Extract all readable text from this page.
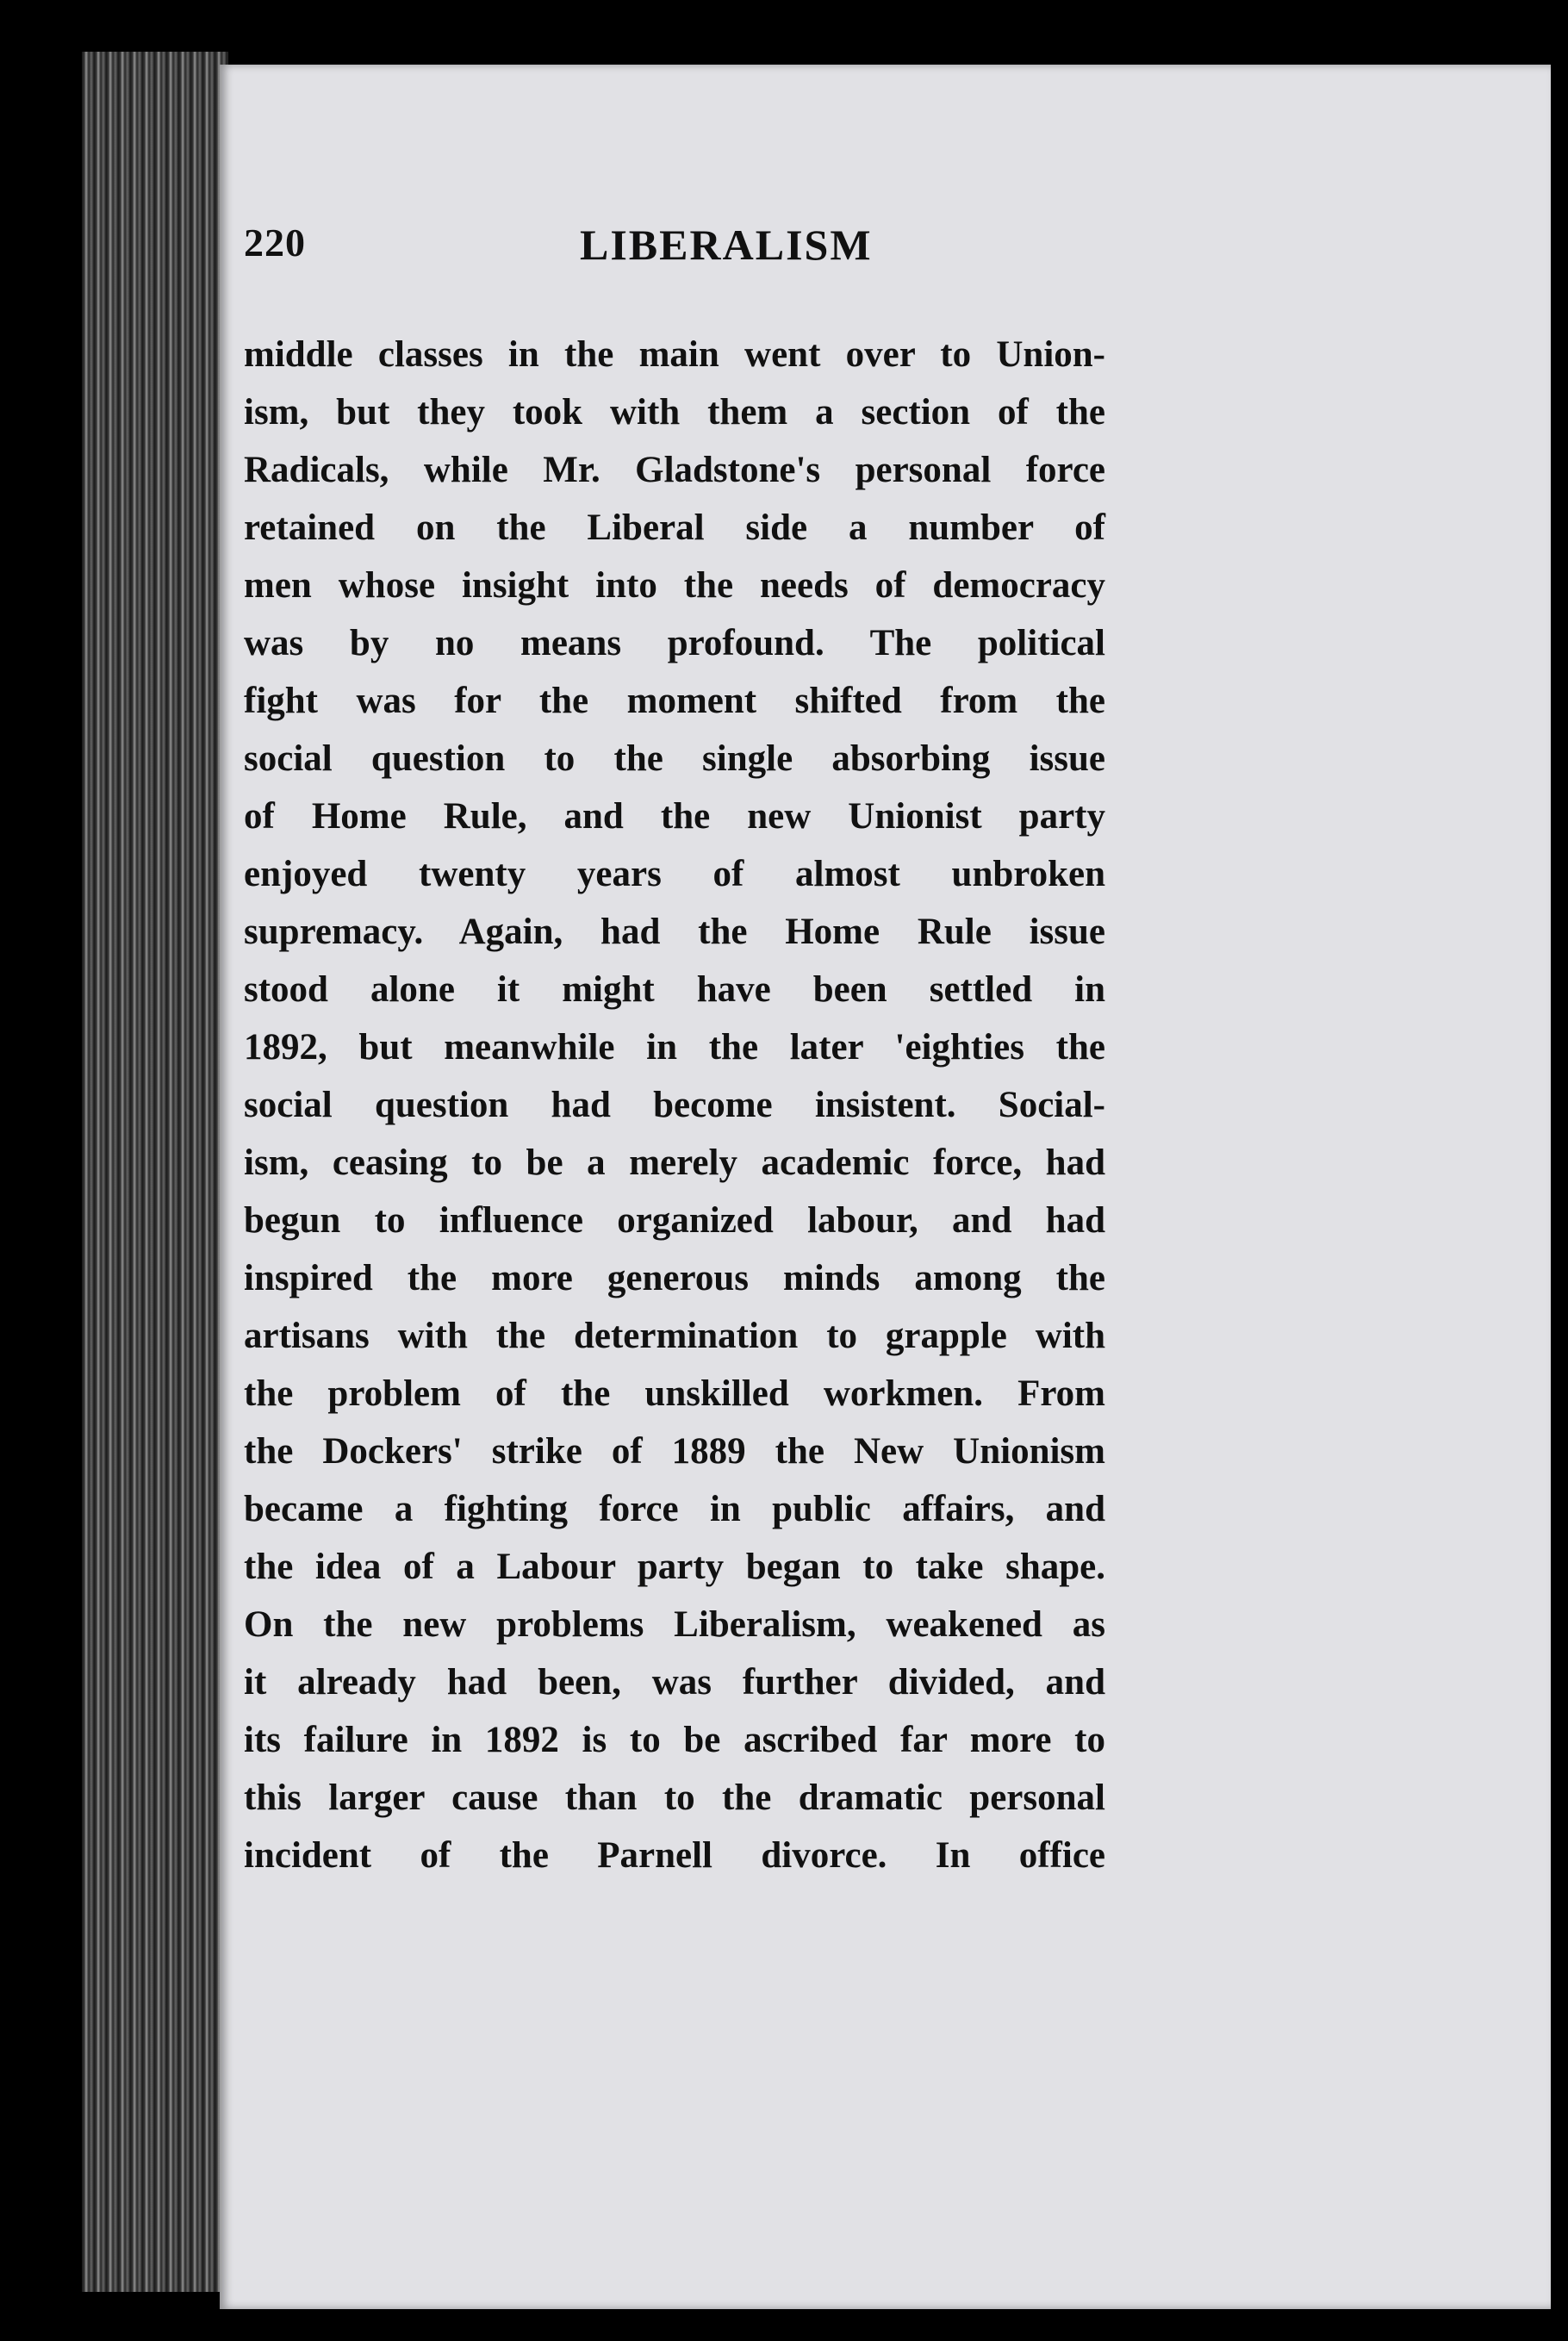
220	LIBERALISM
middle classes in the main went over to Union-
ism, but they took with them a section of the
Radicals, while Mr. Gladstone's personal force
retained on the Liberal side a number of
men whose insight into the needs of democracy
was by no means profound. The political
fight was for the moment shifted from the
social question to the single absorbing issue
of Home Rule, and the new Unionist party
enjoyed twenty years of almost unbroken
supremacy. Again, had the Home Rule issue
stood alone it might have been settled in
1892, but meanwhile in the later 'eighties the
social question had become insistent. Social-
ism, ceasing to be a merely academic force, had
begun to influence organized labour, and had
inspired the more generous minds among the
artisans with the determination to grapple with
the problem of the unskilled workmen. From
the Dockers' strike of 1889 the New Unionism
became a fighting force in public affairs, and
the idea of a Labour party began to take shape.
On the new problems Liberalism, weakened as
it already had been, was further divided, and
its failure in 1892 is to be ascribed far more to
this larger cause than to the dramatic personal
incident of the Parnell divorce. In office
